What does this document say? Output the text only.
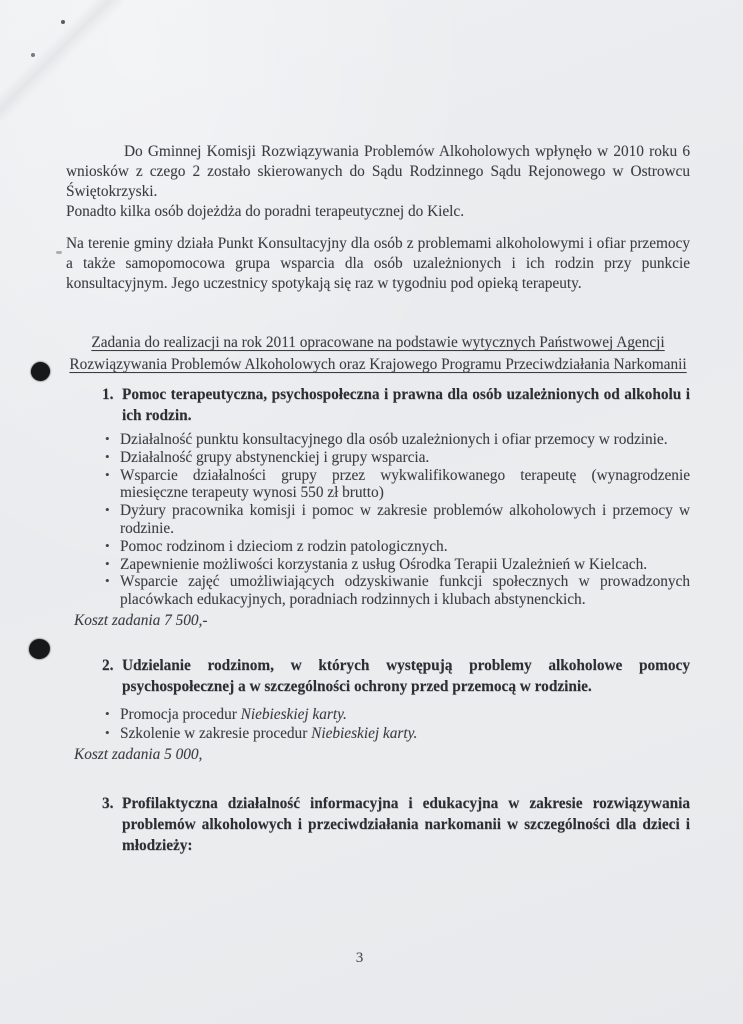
Do Gminnej Komisji Rozwiązywania Problemów Alkoholowych wpłynęło w 2010 roku 6 wniosków z czego 2 zostało skierowanych do Sądu Rodzinnego Sądu Rejonowego w Ostrowcu Świętokrzyski.

Ponadto kilka osób dojeżdża do poradni terapeutycznej do Kielc.

Na terenie gminy działa Punkt Konsultacyjny dla osób z problemami alkoholowymi i ofiar przemocy a także samopomocowa grupa wsparcia dla osób uzależnionych i ich rodzin przy punkcie konsultacyjnym. Jego uczestnicy spotykają się raz w tygodniu pod opieką terapeuty.

Zadania do realizacji na rok 2011 opracowane na podstawie wytycznych Państwowej Agencji Rozwiązywania Problemów Alkoholowych oraz Krajowego Programu Przeciwdziałania Narkomanii

1. Pomoc terapeutyczna, psychospołeczna i prawna dla osób uzależnionych od alkoholu i ich rodzin.

• Działalność punktu konsultacyjnego dla osób uzależnionych i ofiar przemocy w rodzinie.
• Działalność grupy abstynenckiej i grupy wsparcia.
• Wsparcie działalności grupy przez wykwalifikowanego terapeutę (wynagrodzenie miesięczne terapeuty wynosi 550 zł brutto)
• Dyżury pracownika komisji i pomoc w zakresie problemów alkoholowych i przemocy w rodzinie.
• Pomoc rodzinom i dzieciom z rodzin patologicznych.
• Zapewnienie możliwości korzystania z usług Ośrodka Terapii Uzależnień w Kielcach.
• Wsparcie zajęć umożliwiających odzyskiwanie funkcji społecznych w prowadzonych placówkach edukacyjnych, poradniach rodzinnych i klubach abstynenckich.

Koszt zadania 7 500,-

2. Udzielanie rodzinom, w których występują problemy alkoholowe pomocy psychospołecznej a w szczególności ochrony przed przemocą w rodzinie.

• Promocja procedur Niebieskiej karty.
• Szkolenie w zakresie procedur Niebieskiej karty.

Koszt zadania 5 000,

3. Profilaktyczna działalność informacyjna i edukacyjna w zakresie rozwiązywania problemów alkoholowych i przeciwdziałania narkomanii w szczególności dla dzieci i młodzieży:

3
